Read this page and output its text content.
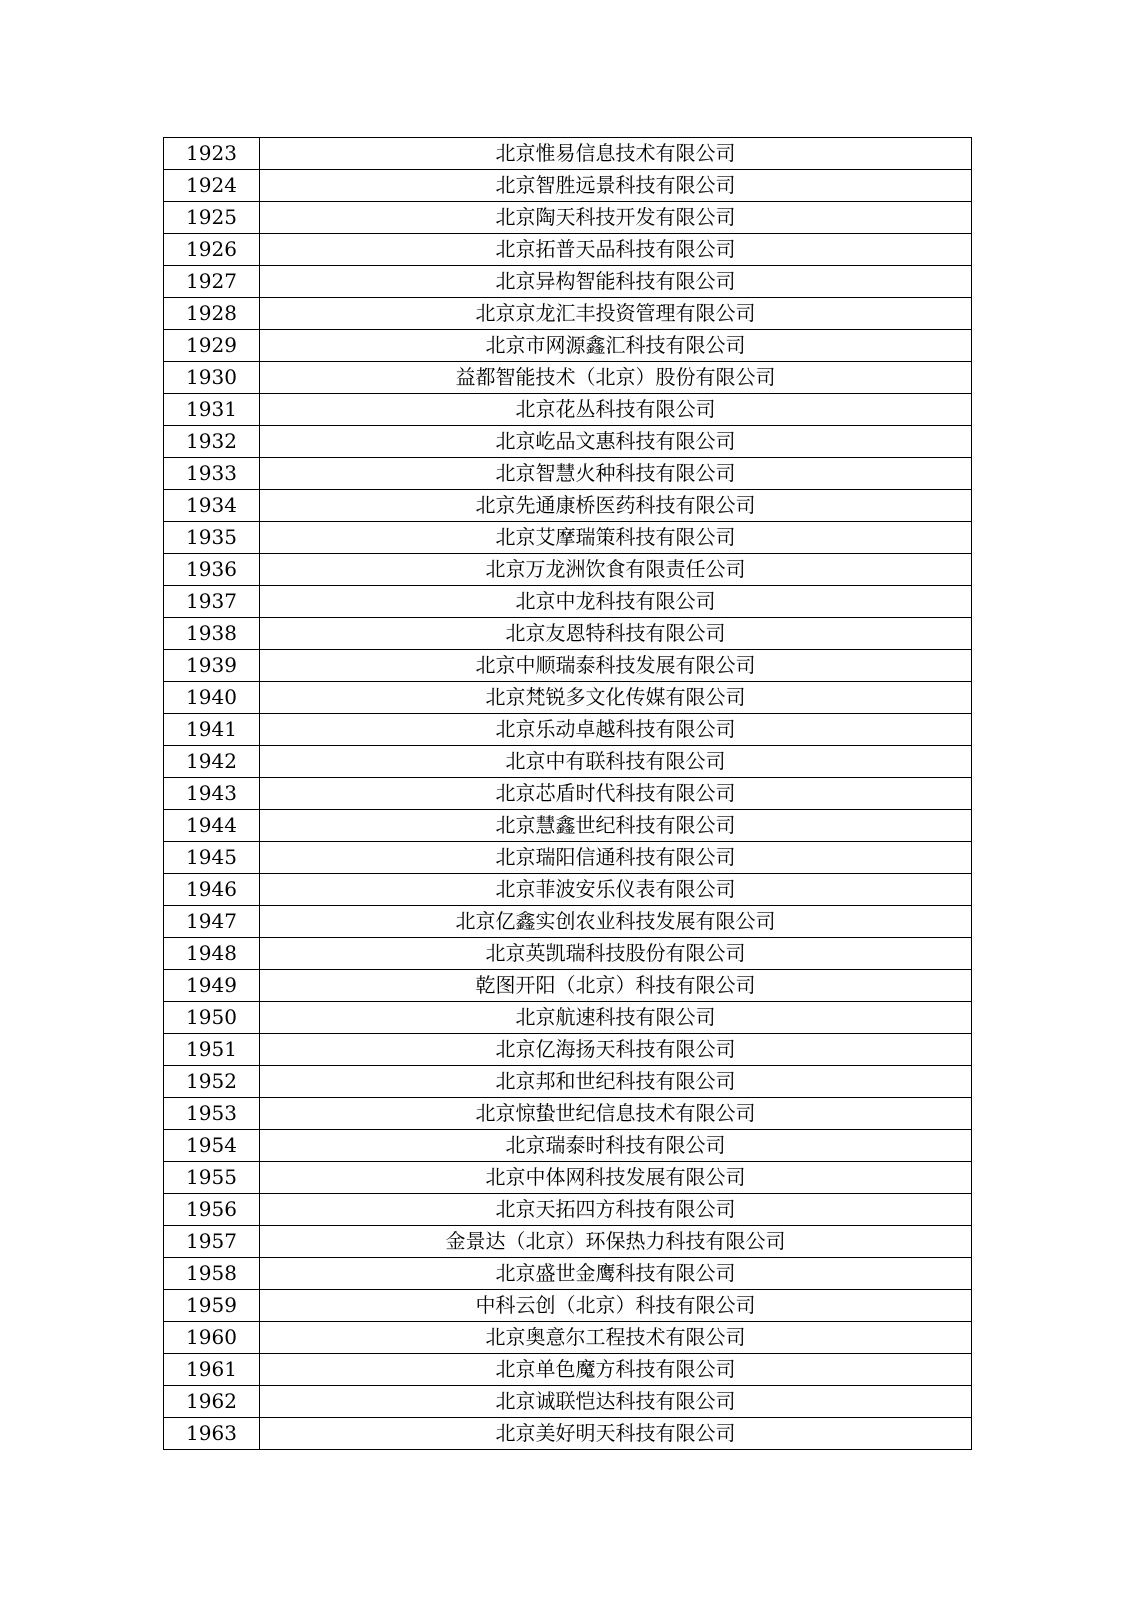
1923	北京惟易信息技术有限公司
1924	北京智胜远景科技有限公司
1925	北京陶天科技开发有限公司
1926	北京拓普天品科技有限公司
1927	北京异构智能科技有限公司
1928	北京京龙汇丰投资管理有限公司
1929	北京市网源鑫汇科技有限公司
1930	益都智能技术（北京）股份有限公司
1931	北京花丛科技有限公司
1932	北京屹品文惠科技有限公司
1933	北京智慧火种科技有限公司
1934	北京先通康桥医药科技有限公司
1935	北京艾摩瑞策科技有限公司
1936	北京万龙洲饮食有限责任公司
1937	北京中龙科技有限公司
1938	北京友恩特科技有限公司
1939	北京中顺瑞泰科技发展有限公司
1940	北京梵锐多文化传媒有限公司
1941	北京乐动卓越科技有限公司
1942	北京中有联科技有限公司
1943	北京芯盾时代科技有限公司
1944	北京慧鑫世纪科技有限公司
1945	北京瑞阳信通科技有限公司
1946	北京菲波安乐仪表有限公司
1947	北京亿鑫实创农业科技发展有限公司
1948	北京英凯瑞科技股份有限公司
1949	乾图开阳（北京）科技有限公司
1950	北京航速科技有限公司
1951	北京亿海扬天科技有限公司
1952	北京邦和世纪科技有限公司
1953	北京惊蛰世纪信息技术有限公司
1954	北京瑞泰时科技有限公司
1955	北京中体网科技发展有限公司
1956	北京天拓四方科技有限公司
1957	金景达（北京）环保热力科技有限公司
1958	北京盛世金鹰科技有限公司
1959	中科云创（北京）科技有限公司
1960	北京奥意尔工程技术有限公司
1961	北京单色魔方科技有限公司
1962	北京诚联恺达科技有限公司
1963	北京美好明天科技有限公司
